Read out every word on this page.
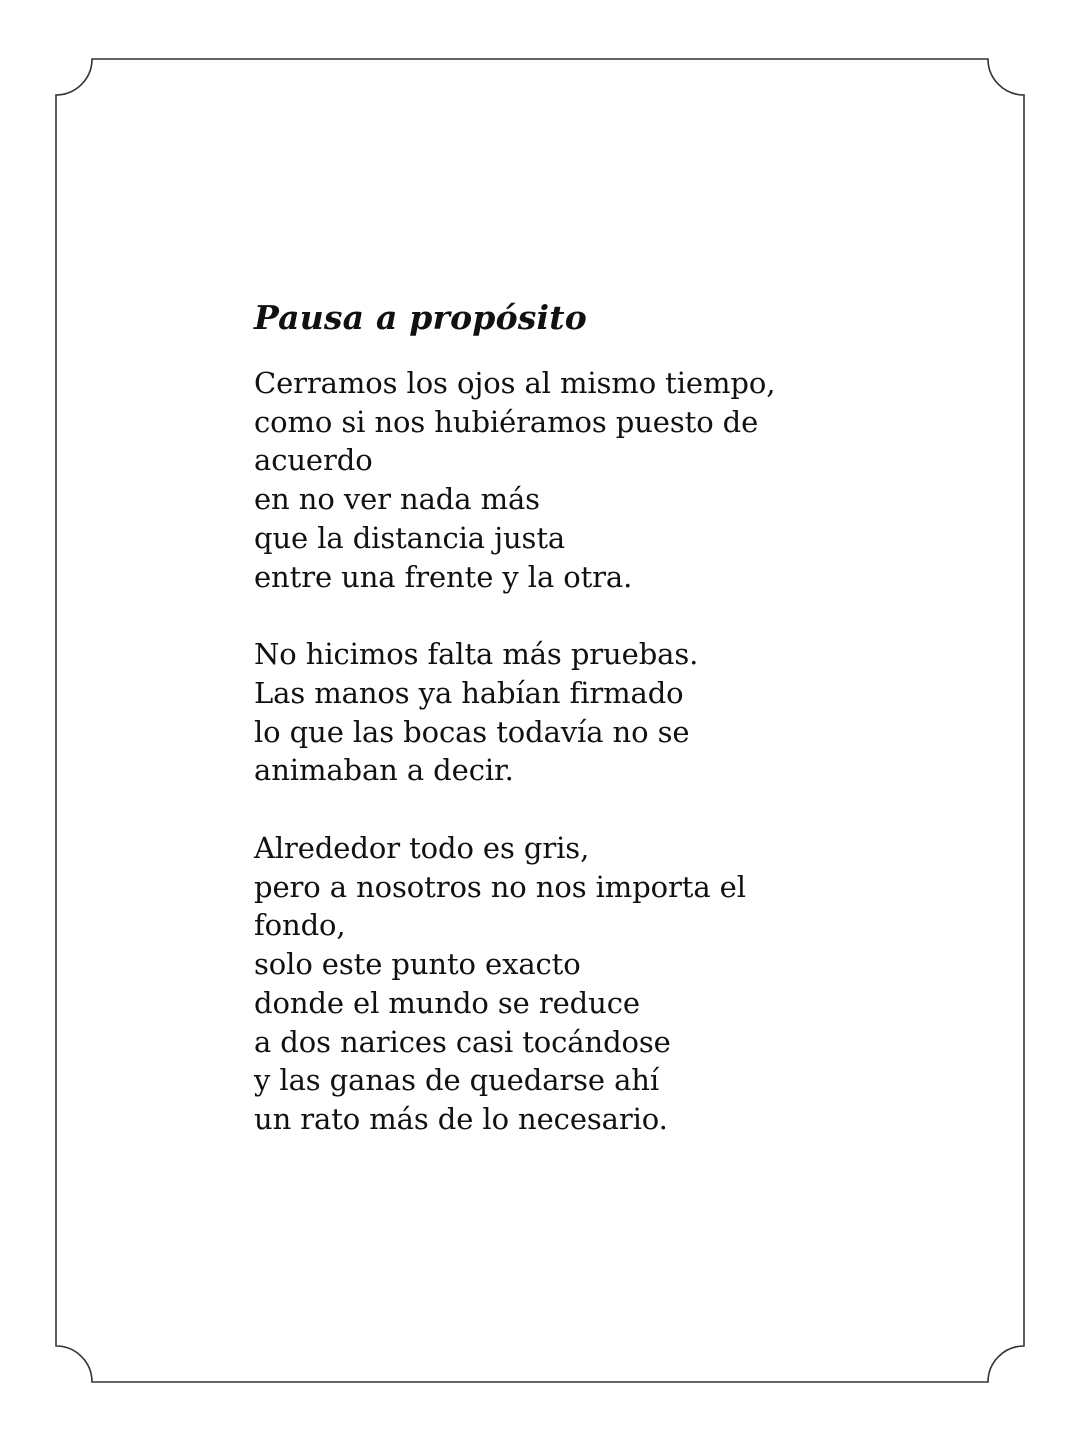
Pausa a propósito
Cerramos los ojos al mismo tiempo,
como si nos hubiéramos puesto de
acuerdo
en no ver nada más
que la distancia justa
entre una frente y la otra.
No hicimos falta más pruebas.
Las manos ya habían firmado
lo que las bocas todavía no se
animaban a decir.
Alrededor todo es gris,
pero a nosotros no nos importa el
fondo,
solo este punto exacto
donde el mundo se reduce
a dos narices casi tocándose
y las ganas de quedarse ahí
un rato más de lo necesario.
